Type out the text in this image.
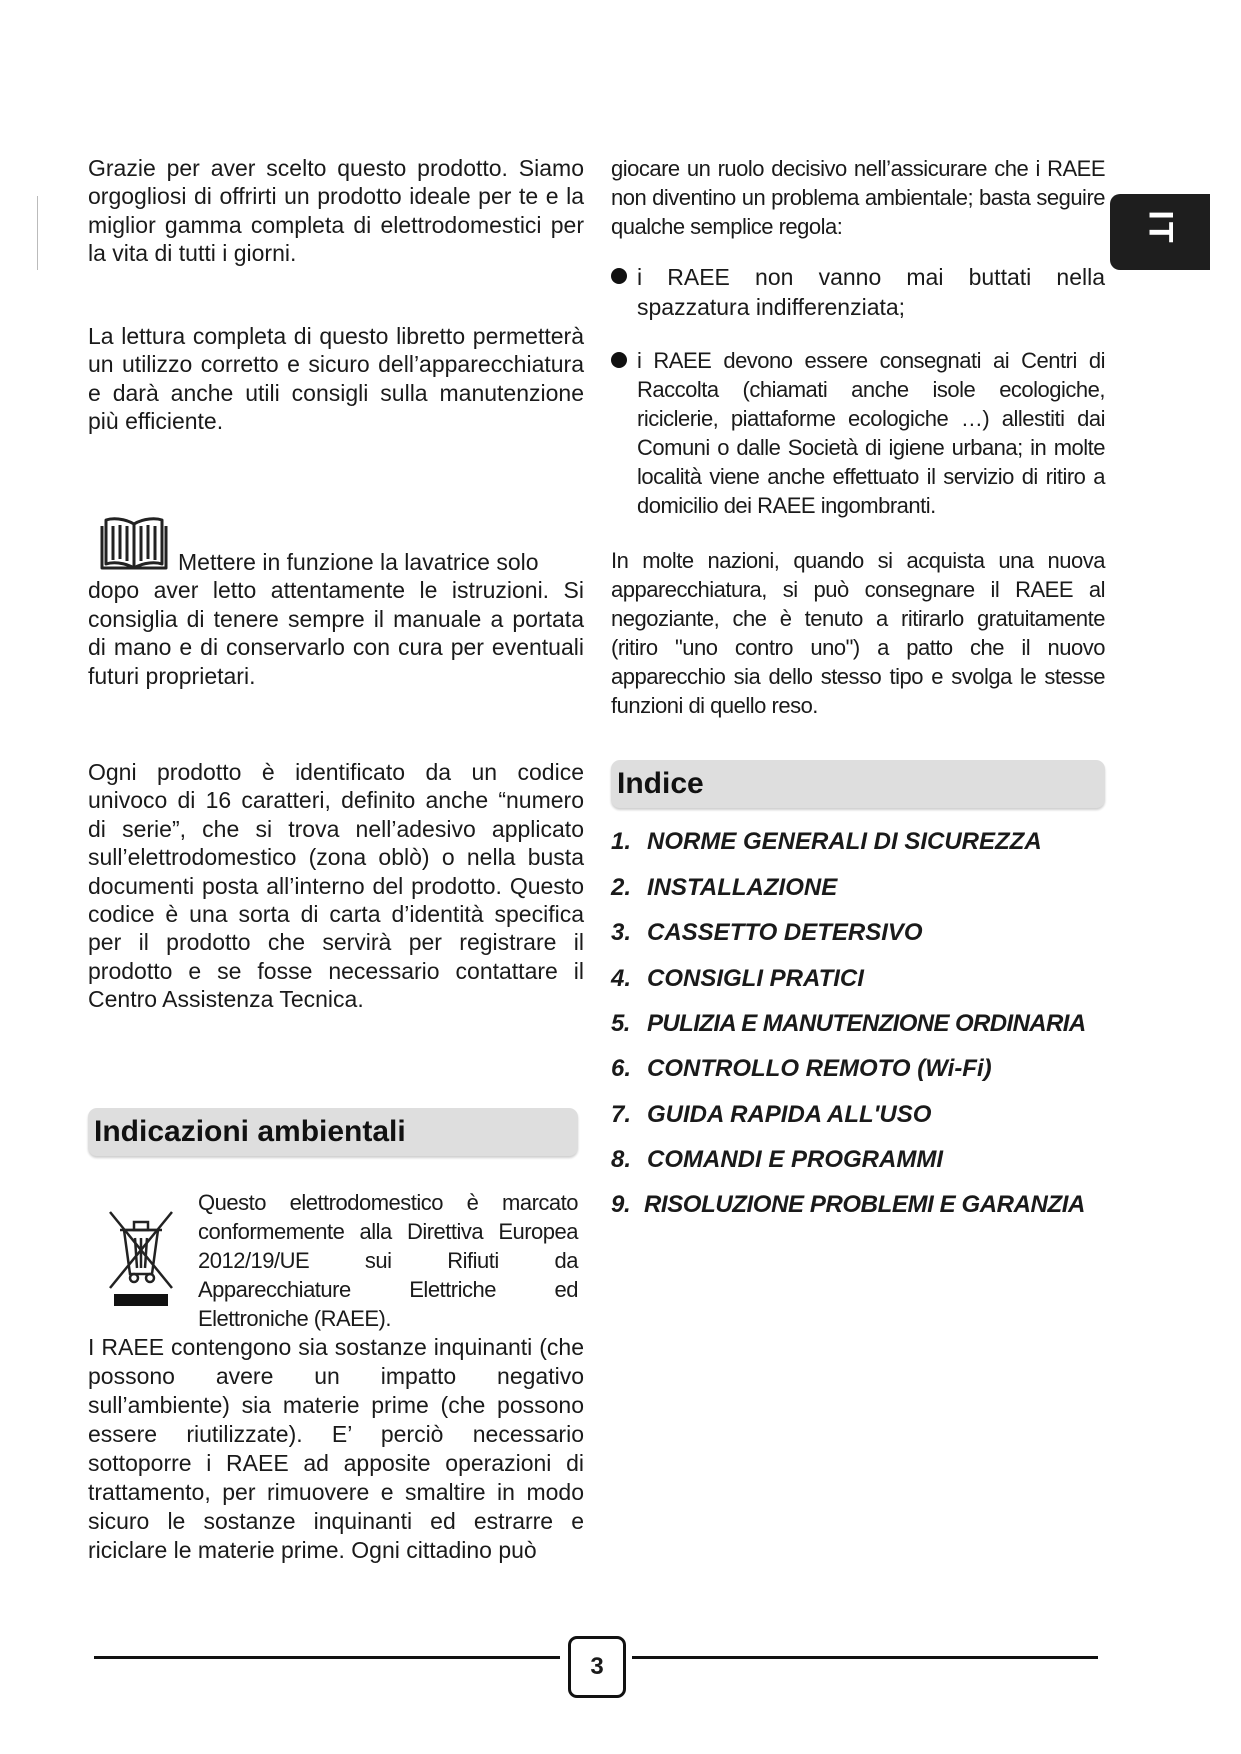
IT

Grazie per aver scelto questo prodotto. Siamo orgogliosi di offrirti un prodotto ideale per te e la miglior gamma completa di elettrodomestici per la vita di tutti i giorni.

La lettura completa di questo libretto permetterà un utilizzo corretto e sicuro dell’apparecchiatura e darà anche utili consigli sulla manutenzione più efficiente.

Mettere in funzione la lavatrice solo

dopo aver letto attentamente le istruzioni. Si consiglia di tenere sempre il manuale a portata di mano e di conservarlo con cura per eventuali futuri proprietari.

Ogni prodotto è identificato da un codice univoco di 16 caratteri, definito anche “numero di serie”, che si trova nell’adesivo applicato sull’elettrodomestico (zona oblò) o nella busta documenti posta all’interno del prodotto. Questo codice è una sorta di carta d’identità specifica per il prodotto che servirà per registrare il prodotto e se fosse necessario contattare il Centro Assistenza Tecnica.

Indicazioni ambientali

Questo elettrodomestico è marcato conformemente alla Direttiva Europea 2012/19/UE sui Rifiuti da Apparecchiature Elettriche ed Elettroniche (RAEE).

I RAEE contengono sia sostanze inquinanti (che possono avere un impatto negativo sull’ambiente) sia materie prime (che possono essere riutilizzate). E’ perciò necessario sottoporre i RAEE ad apposite operazioni di trattamento, per rimuovere e smaltire in modo sicuro le sostanze inquinanti ed estrarre e riciclare le materie prime. Ogni cittadino può

giocare un ruolo decisivo nell’assicurare che i RAEE non diventino un problema ambientale; basta seguire qualche semplice regola:

i RAEE non vanno mai buttati nella spazzatura indifferenziata;

i RAEE devono essere consegnati ai Centri di Raccolta (chiamati anche isole ecologiche, riciclerie, piattaforme ecologiche …) allestiti dai Comuni o dalle Società di igiene urbana; in molte località viene anche effettuato il servizio di ritiro a domicilio dei RAEE ingombranti.

In molte nazioni, quando si acquista una nuova apparecchiatura, si può consegnare il RAEE al negoziante, che è tenuto a ritirarlo gratuitamente (ritiro "uno contro uno") a patto che il nuovo apparecchio sia dello stesso tipo e svolga le stesse funzioni di quello reso.

Indice
1. NORME GENERALI DI SICUREZZA
2. INSTALLAZIONE
3. CASSETTO DETERSIVO
4. CONSIGLI PRATICI
5. PULIZIA E MANUTENZIONE ORDINARIA
6. CONTROLLO REMOTO (Wi-Fi)
7. GUIDA RAPIDA ALL'USO
8. COMANDI E PROGRAMMI
9. RISOLUZIONE PROBLEMI E GARANZIA
3
